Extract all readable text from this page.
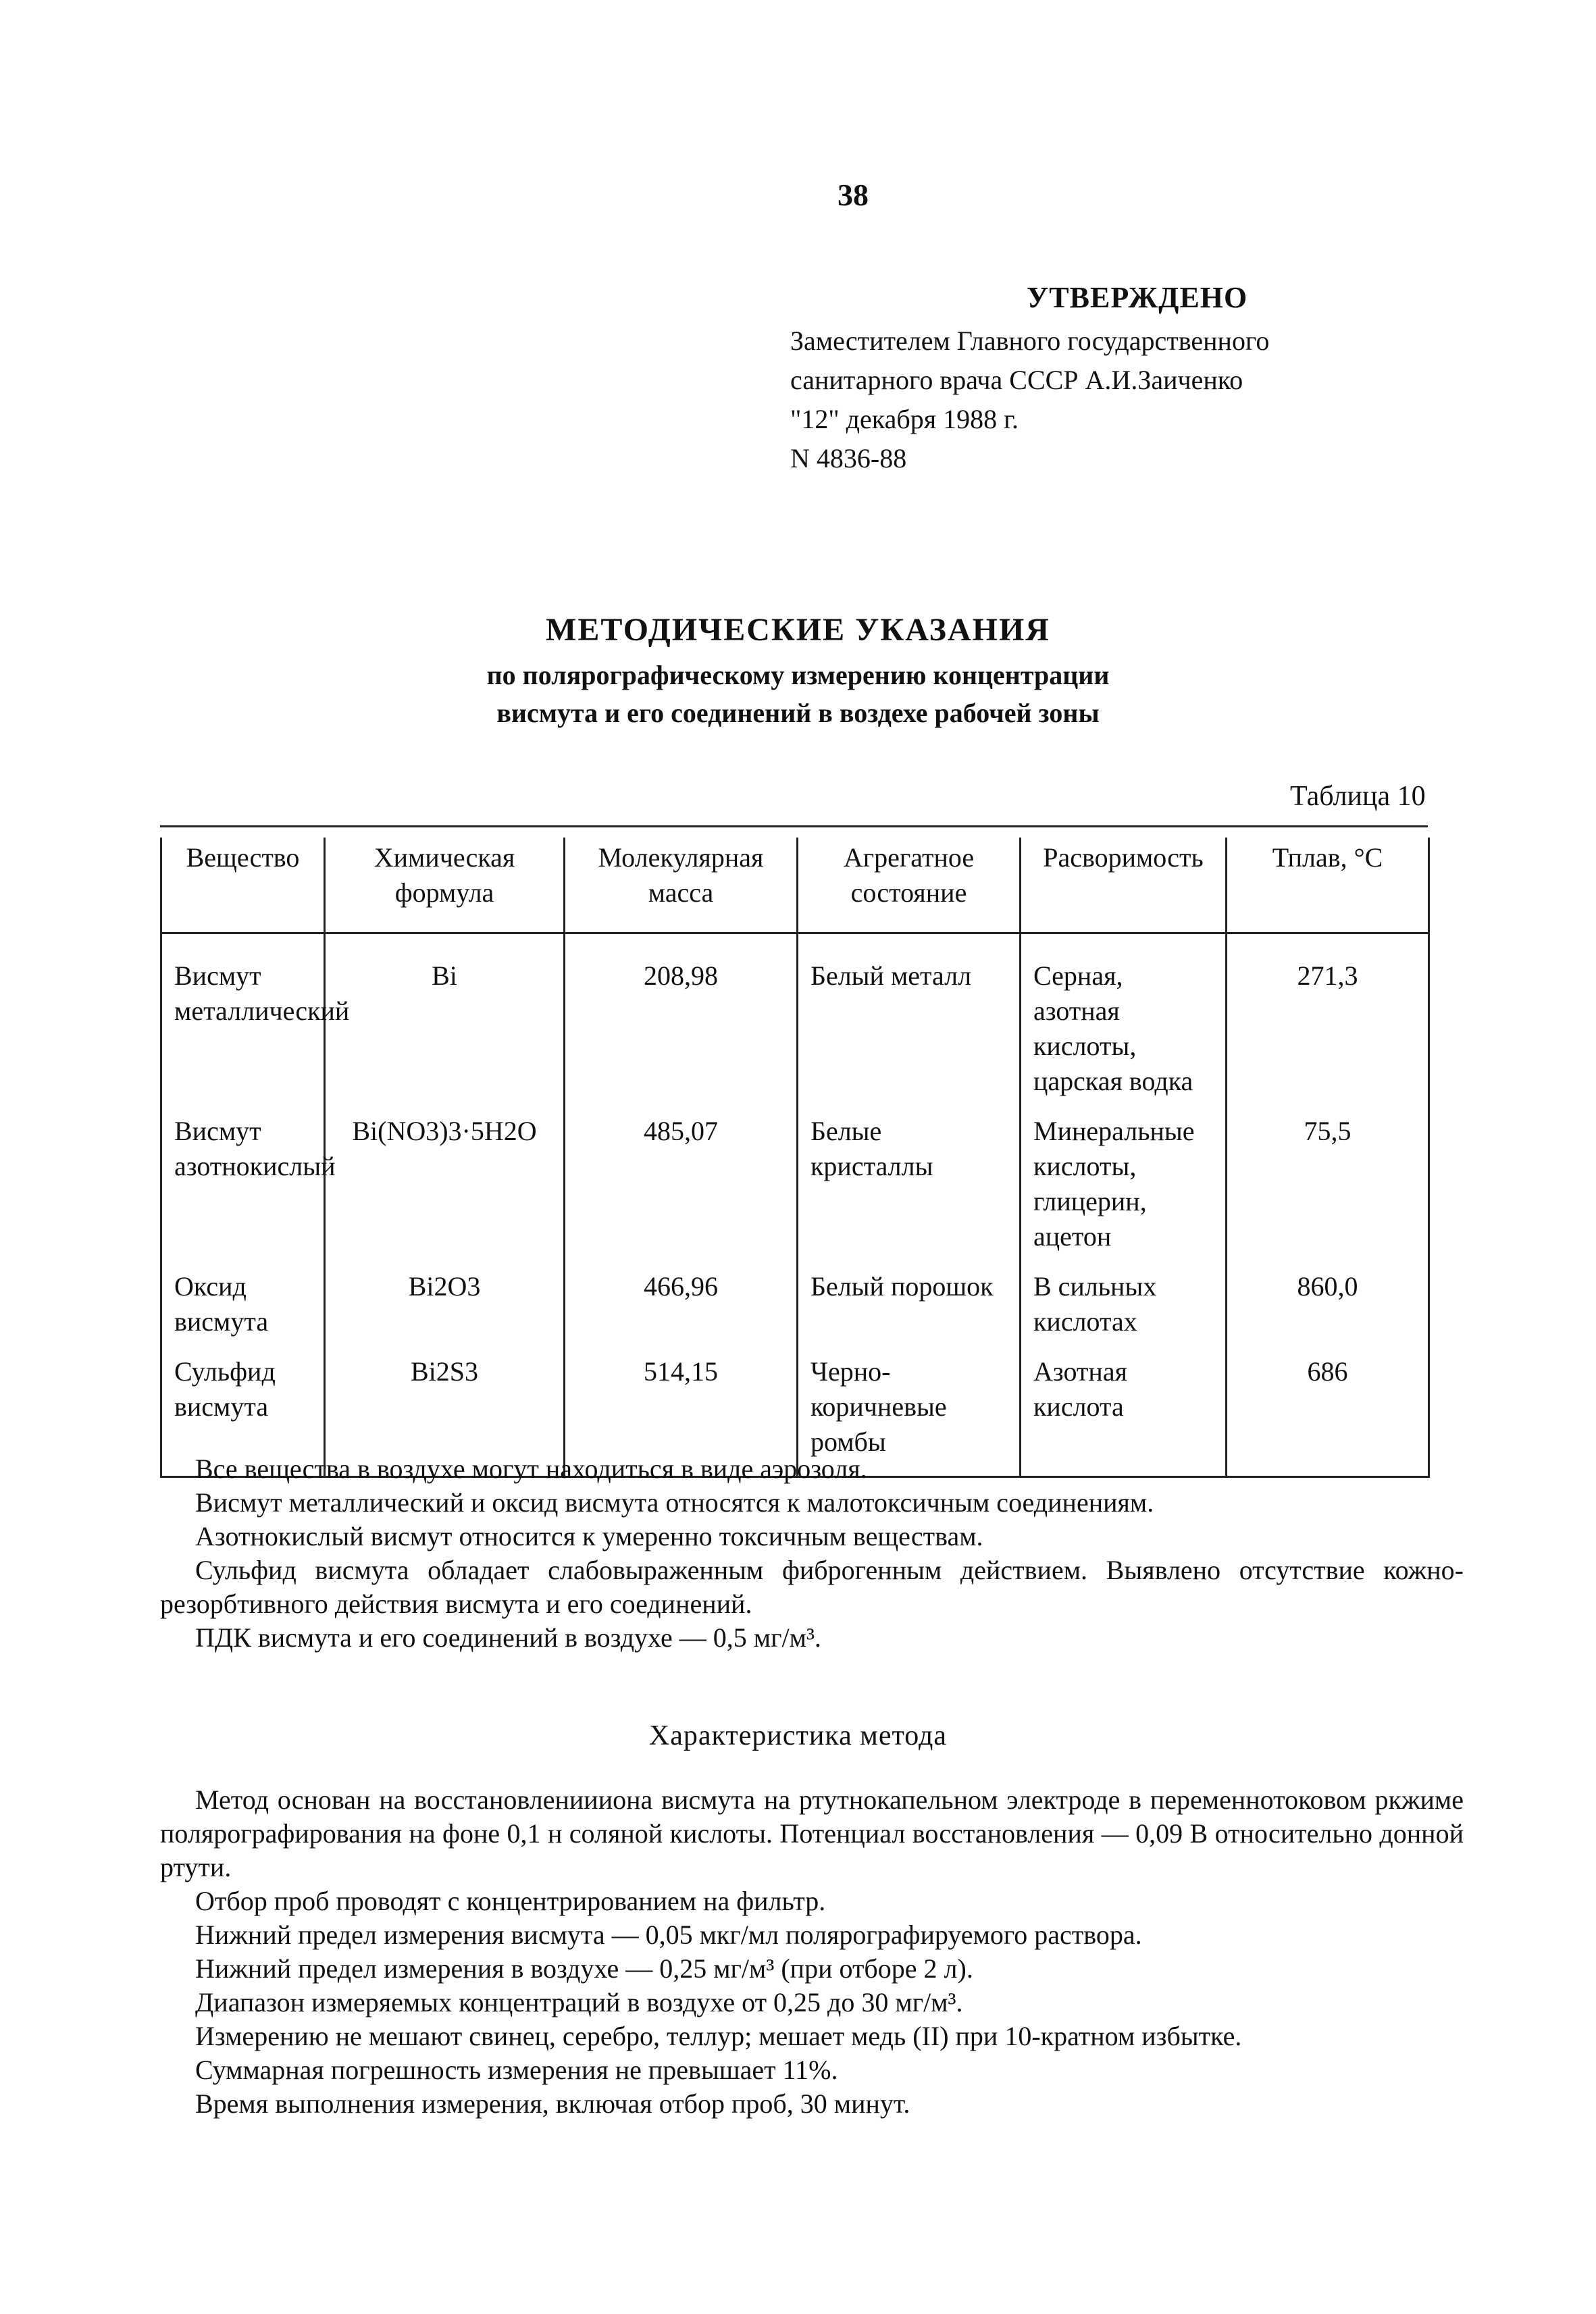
38
УТВЕРЖДЕНО
Заместителем Главного государственного
санитарного врача СССР А.И.Заиченко
"12" декабря 1988 г.
N 4836-88
МЕТОДИЧЕСКИЕ УКАЗАНИЯ
по полярографическому измерению концентрации
висмута и его соединений в воздехе рабочей зоны
Таблица 10
Вещество	Химическая формула	Молекулярная масса	Агрегатное состояние	Расворимость	Тплав, °С
Висмут металлический	Bi	208,98	Белый металл	Серная, азотная кислоты, царская водка	271,3
Висмут азотнокислый	Bi(NO3)3·5H2O	485,07	Белые кристаллы	Минеральные кислоты, глицерин, ацетон	75,5
Оксид висмута	Bi2O3	466,96	Белый порошок	В сильных кислотах	860,0
Сульфид висмута	Bi2S3	514,15	Черно-коричневые ромбы	Азотная кислота	686

Все вещества в воздухе могут находиться в виде аэрозоля.

Висмут металлический и оксид висмута относятся к малотоксичным соединениям.

Азотнокислый висмут относится к умеренно токсичным веществам.

Сульфид висмута обладает слабовыраженным фиброгенным действием. Выявлено отсутствие кожно-резорбтивного действия висмута и его соединений.

ПДК висмута и его соединений в воздухе — 0,5 мг/м³.

Характеристика метода

Метод основан на восстановлениииона висмута на ртутнокапельном электроде в переменнотоковом ркжиме полярографирования на фоне 0,1 н соляной кислоты. Потенциал восстановления — 0,09 В относительно донной ртути.

Отбор проб проводят с концентрированием на фильтр.

Нижний предел измерения висмута — 0,05 мкг/мл полярографируемого раствора.

Нижний предел измерения в воздухе — 0,25 мг/м³ (при отборе 2 л).

Диапазон измеряемых концентраций в воздухе от 0,25 до 30 мг/м³.

Измерению не мешают свинец, серебро, теллур; мешает медь (II) при 10-кратном избытке.

Суммарная погрешность измерения не превышает 11%.

Время выполнения измерения, включая отбор проб, 30 минут.
